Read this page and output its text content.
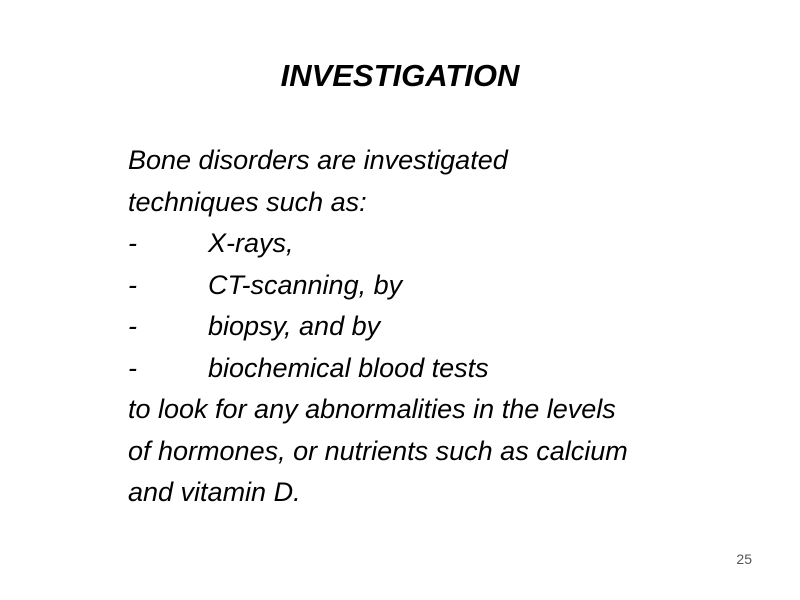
INVESTIGATION
Bone disorders are investigated
techniques such as:
-	X-rays,
-	CT-scanning, by
-	biopsy, and by
-	biochemical blood tests
to look for any abnormalities in the levels
of hormones, or nutrients such as calcium
and vitamin D.
25
